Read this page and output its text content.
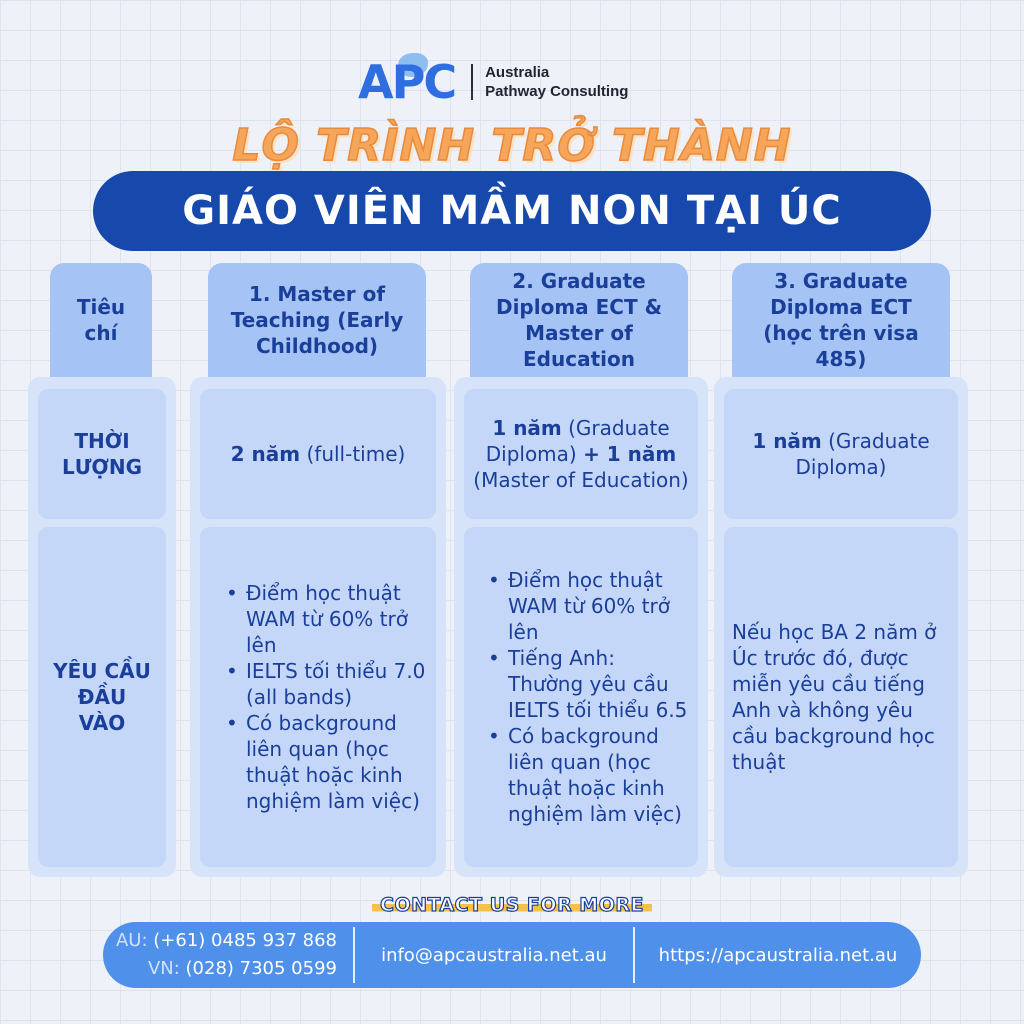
APC Australia
Pathway Consulting
LỘ TRÌNH TRỞ THÀNH
GIÁO VIÊN MẦM NON TẠI ÚC
Tiêu chí
1. Master of Teaching (Early Childhood)
2. Graduate Diploma ECT & Master of Education
3. Graduate Diploma ECT (học trên visa 485)
THỜI LƯỢNG
2 năm (full-time)
1 năm (Graduate Diploma) + 1 năm (Master of Education)
1 năm (Graduate Diploma)
YÊU CẦU ĐẦU VÀO
• Điểm học thuật WAM từ 60% trở lên
• IELTS tối thiểu 7.0 (all bands)
• Có background liên quan (học thuật hoặc kinh nghiệm làm việc)
• Điểm học thuật WAM từ 60% trở lên
• Tiếng Anh: Thường yêu cầu IELTS tối thiểu 6.5
• Có background liên quan (học thuật hoặc kinh nghiệm làm việc)
Nếu học BA 2 năm ở Úc trước đó, được miễn yêu cầu tiếng Anh và không yêu cầu background học thuật
CONTACT US FOR MORE
AU: (+61) 0485 937 868
VN: (028) 7305 0599
info@apcaustralia.net.au	https://apcaustralia.net.au
